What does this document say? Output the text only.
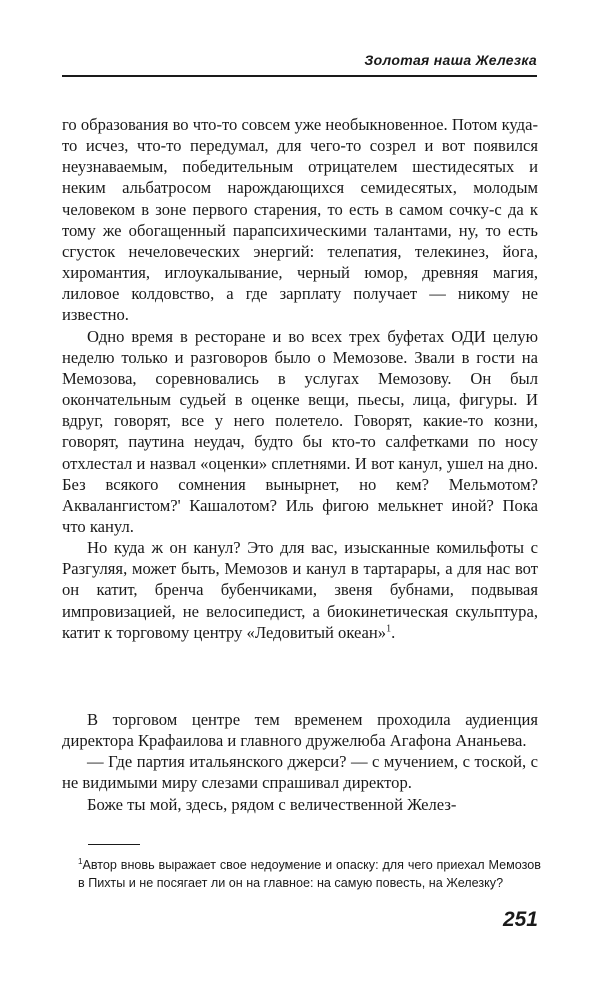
Золотая наша Железка

го образования во что-то совсем уже необыкновенное. Потом куда-то исчез, что-то передумал, для чего-то созрел и вот появился неузнаваемым, победительным отрицателем шестидесятых и неким альбатросом нарождающихся семидесятых, молодым человеком в зоне первого старения, то есть в самом сочку-с да к тому же обогащенный парапсихическими талантами, ну, то есть сгусток нечеловеческих энергий: телепатия, телекинез, йога, хиромантия, иглоукалывание, черный юмор, древняя магия, лиловое колдовство, а где зарплату получает — никому не известно.

Одно время в ресторане и во всех трех буфетах ОДИ целую неделю только и разговоров было о Мемозове. Звали в гости на Мемозова, соревновались в услугах Мемозову. Он был окончательным судьей в оценке вещи, пьесы, лица, фигуры. И вдруг, говорят, все у него полетело. Говорят, какие-то козни, говорят, паутина неудач, будто бы кто-то салфетками по носу отхлестал и назвал «оценки» сплетнями. И вот канул, ушел на дно. Без всякого сомнения вынырнет, но кем? Мельмотом? Аквалангистом?' Кашалотом? Иль фигою мелькнет иной? Пока что канул.

Но куда ж он канул? Это для вас, изысканные комильфоты с Разгуляя, может быть, Мемозов и канул в тартарары, а для нас вот он катит, бренча бубенчиками, звеня бубнами, подвывая импровизацией, не велосипедист, а биокинетическая скульптура, катит к торговому центру «Ледовитый океан»$^1$.

В торговом центре тем временем проходила аудиенция директора Крафаилова и главного дружелюба Агафона Ананьева.

— Где партия итальянского джерси? — с мучением, с тоской, с не видимыми миру слезами спрашивал директор.

Боже ты мой, здесь, рядом с величественной Желез-

$^1$Автор вновь выражает свое недоумение и опаску: для чего приехал Мемозов в Пихты и не посягает ли он на главное: на самую повесть, на Железку?
251
